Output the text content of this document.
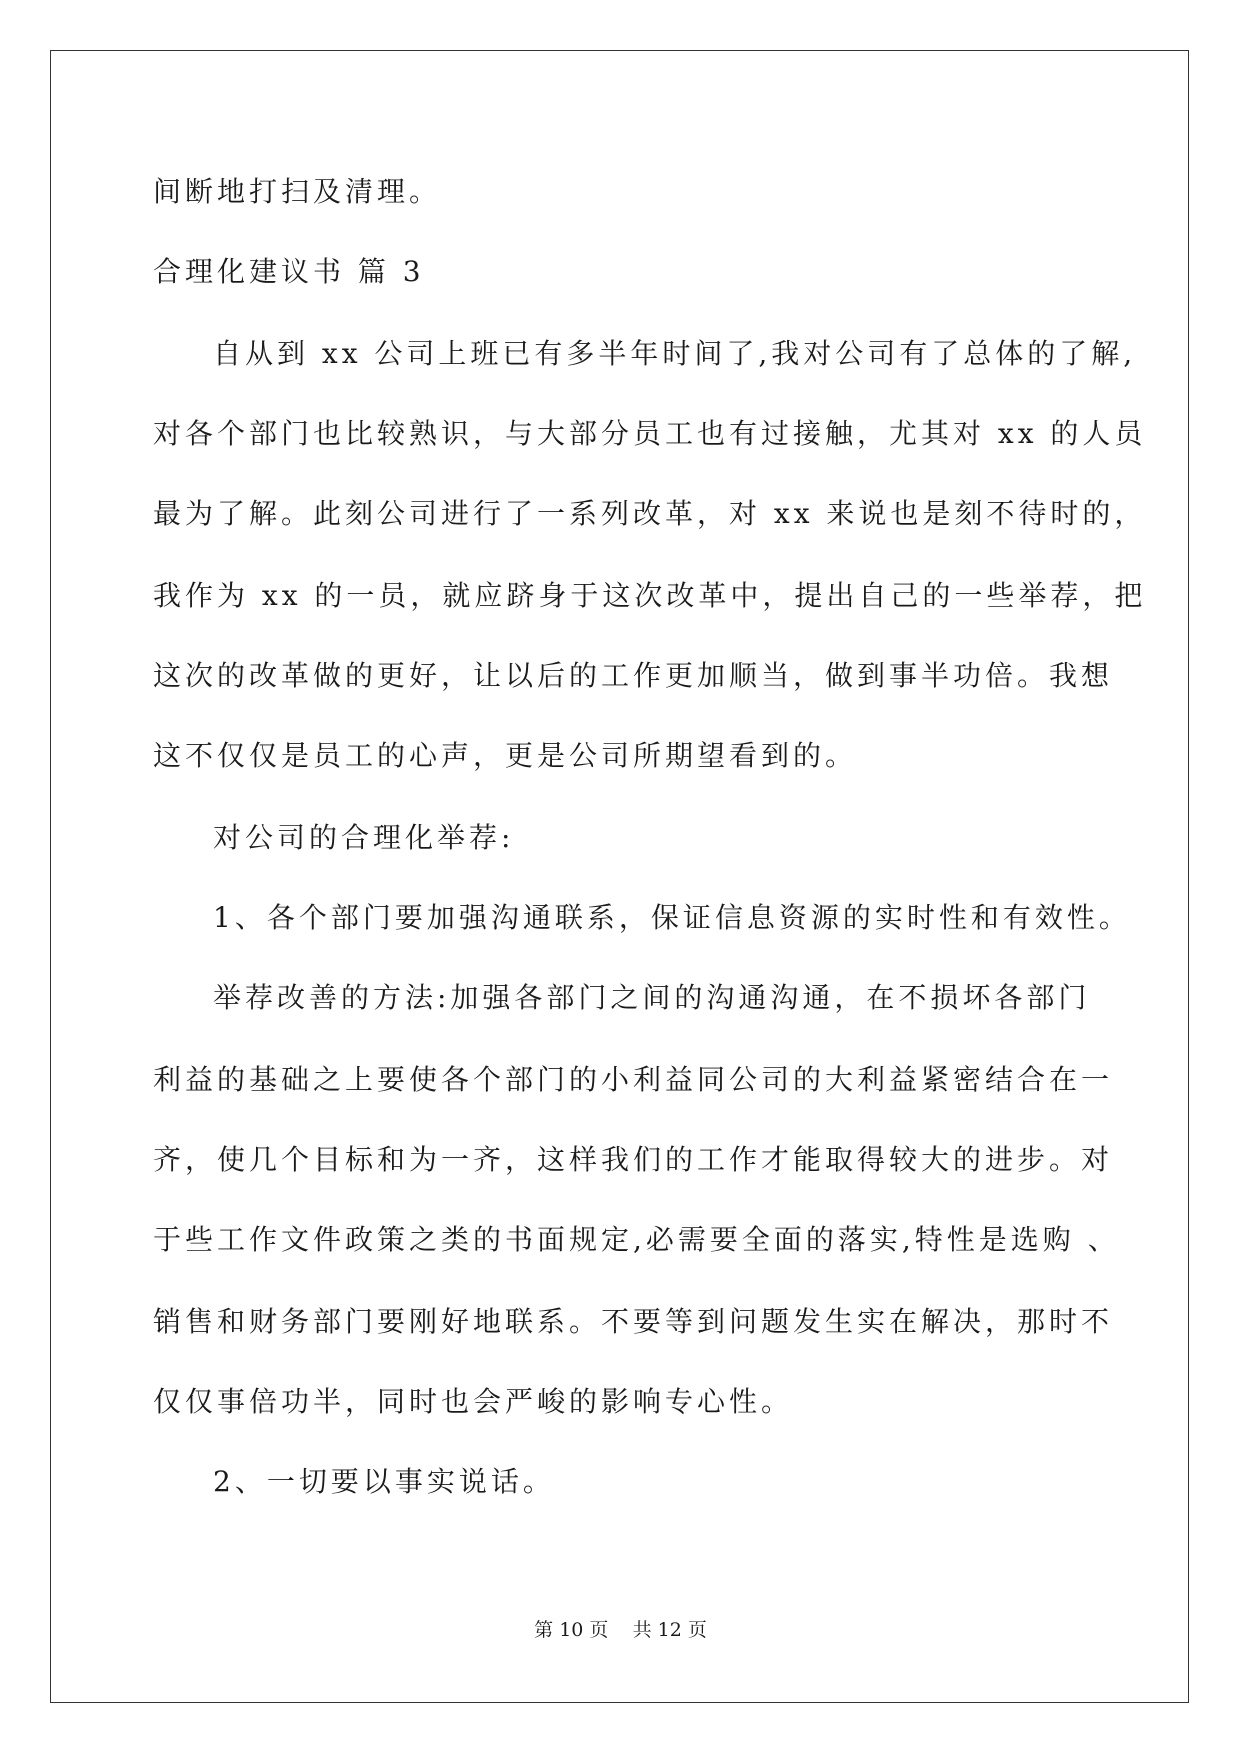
间断地打扫及清理。
合理化建议书 篇 3
自从到 xx 公司上班已有多半年时间了,我对公司有了总体的了解,
对各个部门也比较熟识，与大部分员工也有过接触，尤其对 xx 的人员
最为了解。此刻公司进行了一系列改革，对 xx 来说也是刻不待时的，
我作为 xx 的一员，就应跻身于这次改革中，提出自己的一些举荐，把
这次的改革做的更好，让以后的工作更加顺当，做到事半功倍。我想
这不仅仅是员工的心声，更是公司所期望看到的。
对公司的合理化举荐:
1、各个部门要加强沟通联系，保证信息资源的实时性和有效性。
举荐改善的方法:加强各部门之间的沟通沟通，在不损坏各部门
利益的基础之上要使各个部门的小利益同公司的大利益紧密结合在一
齐，使几个目标和为一齐，这样我们的工作才能取得较大的进步。对
于些工作文件政策之类的书面规定,必需要全面的落实,特性是选购 、
销售和财务部门要刚好地联系。不要等到问题发生实在解决，那时不
仅仅事倍功半，同时也会严峻的影响专心性。
2、一切要以事实说话。
第 10 页    共 12 页
